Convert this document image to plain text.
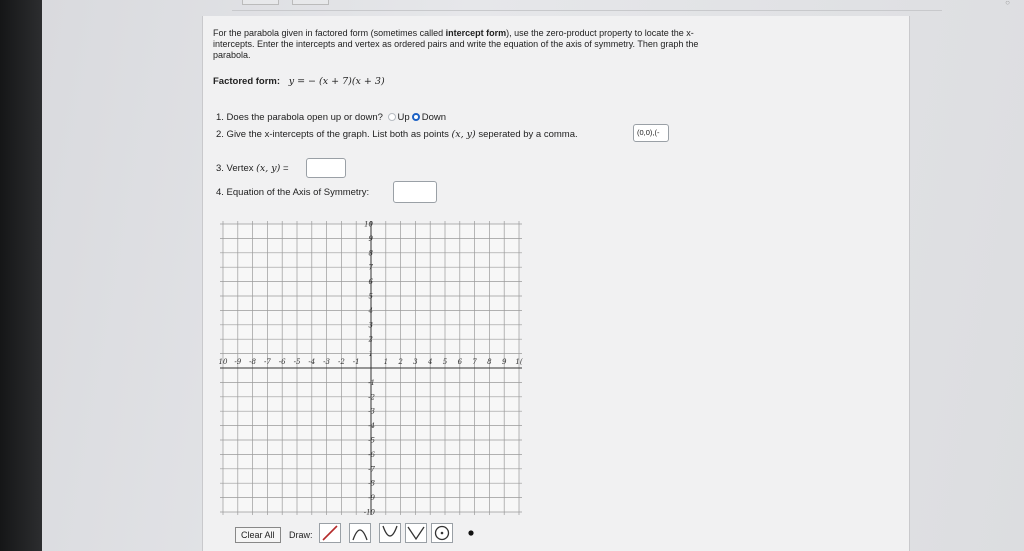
○
For the parabola given in factored form (sometimes called intercept form), use the zero-product property to locate the x-intercepts. Enter the intercepts and vertex as ordered pairs and write the equation of the axis of symmetry. Then graph the parabola.
Factored form: y = − (x + 7)(x + 3)
1. Does the parabola open up or down? Up Down
2. Give the x-intercepts of the graph. List both as points (x, y) seperated by a comma.	(0,0),(-
3. Vertex (x, y) =
4. Equation of the Axis of Symmetry:
10 -9 -8 -7 -6 -5 -4 -3 -2 -1	1 2 3 4 5 6 7 8 9 1(
10
9
8
7
6
5
4
3
2
1
-1
-2
-3
-4
-5
-6
-7
-8
-9
-10
Clear All	Draw:
